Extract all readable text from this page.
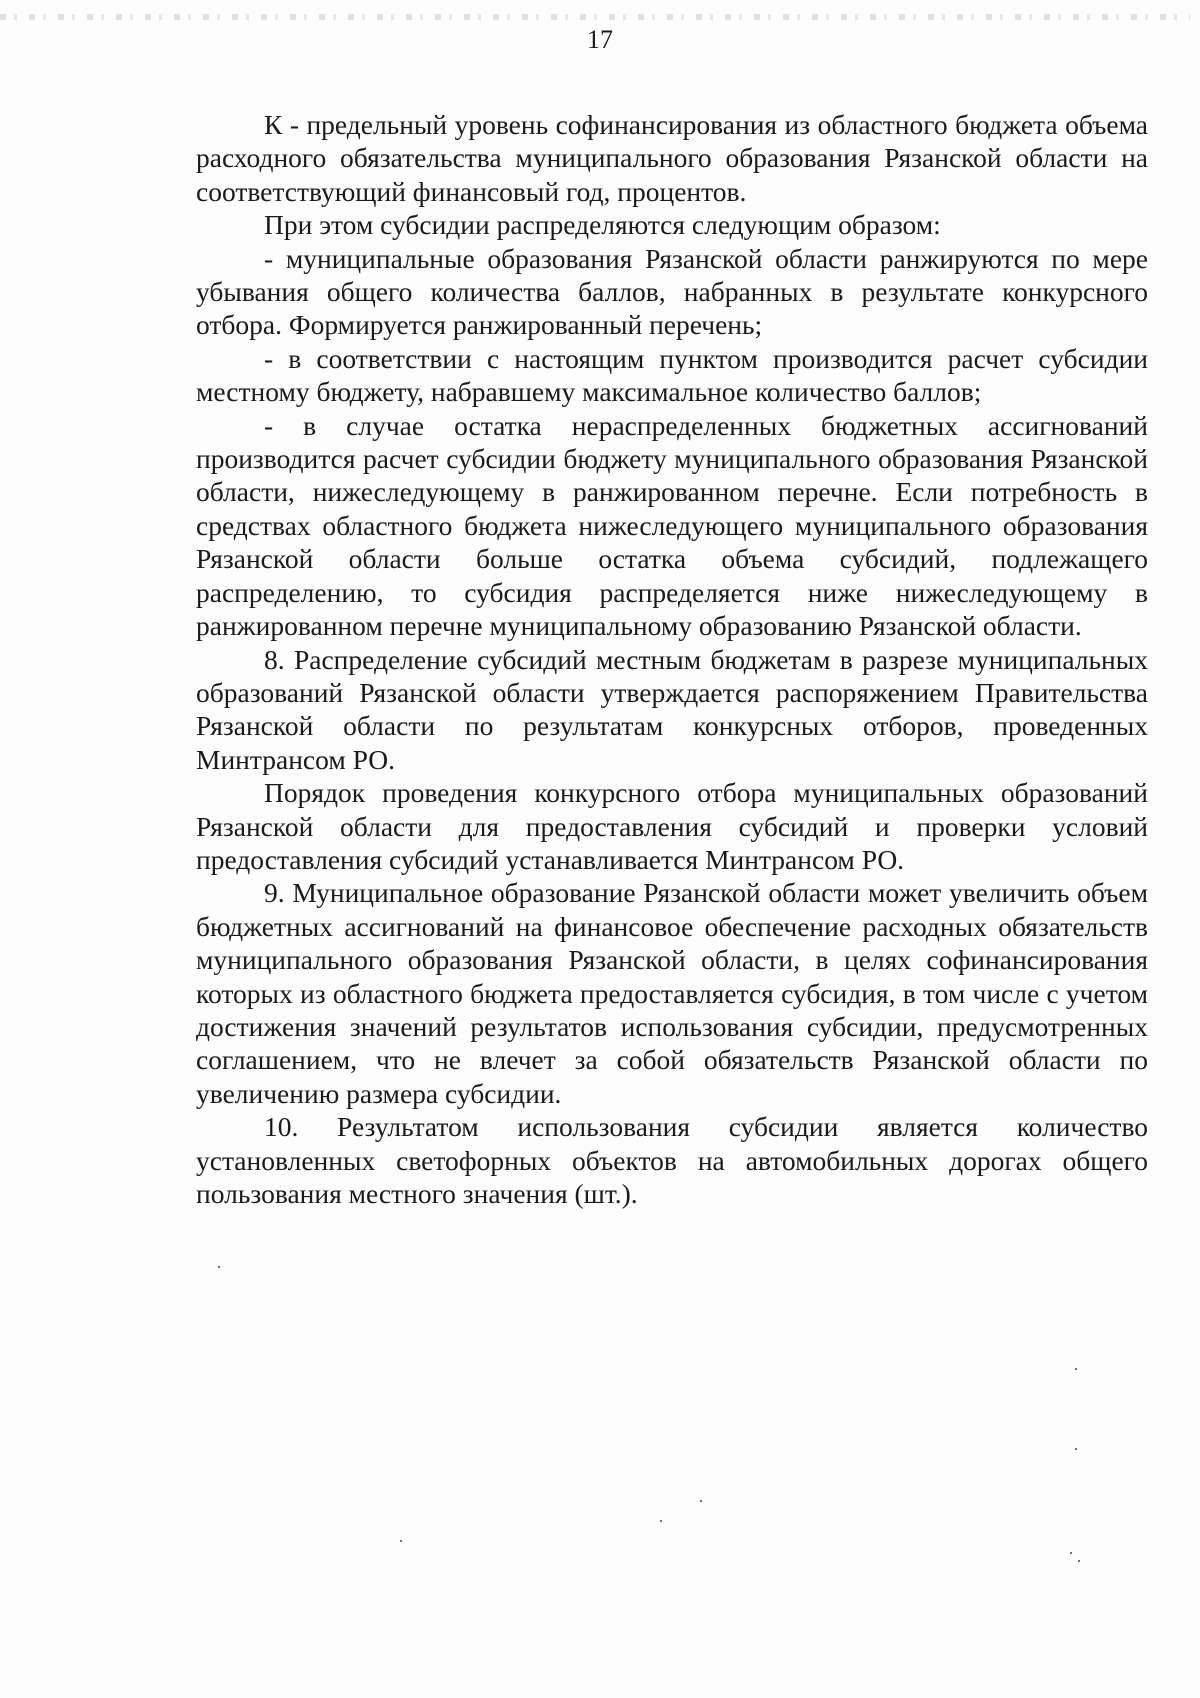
17

К - предельный уровень софинансирования из областного бюджета объема расходного обязательства муниципального образования Рязанской области на соответствующий финансовый год, процентов.

При этом субсидии распределяются следующим образом:

- муниципальные образования Рязанской области ранжируются по мере убывания общего количества баллов, набранных в результате конкурсного отбора. Формируется ранжированный перечень;

- в соответствии с настоящим пунктом производится расчет субсидии местному бюджету, набравшему максимальное количество баллов;

- в случае остатка нераспределенных бюджетных ассигнований производится расчет субсидии бюджету муниципального образования Рязанской области, нижеследующему в ранжированном перечне. Если потребность в средствах областного бюджета нижеследующего муниципального образования Рязанской области больше остатка объема субсидий, подлежащего распределению, то субсидия распределяется ниже нижеследующему в ранжированном перечне муниципальному образованию Рязанской области.

8. Распределение субсидий местным бюджетам в разрезе муниципальных образований Рязанской области утверждается распоряжением Правительства Рязанской области по результатам конкурсных отборов, проведенных Минтрансом РО.

Порядок проведения конкурсного отбора муниципальных образований Рязанской области для предоставления субсидий и проверки условий предоставления субсидий устанавливается Минтрансом РО.

9. Муниципальное образование Рязанской области может увеличить объем бюджетных ассигнований на финансовое обеспечение расходных обязательств муниципального образования Рязанской области, в целях софинансирования которых из областного бюджета предоставляется субсидия, в том числе с учетом достижения значений результатов использования субсидии, предусмотренных соглашением, что не влечет за собой обязательств Рязанской области по увеличению размера субсидии.

10. Результатом использования субсидии является количество установленных светофорных объектов на автомобильных дорогах общего пользования местного значения (шт.).
